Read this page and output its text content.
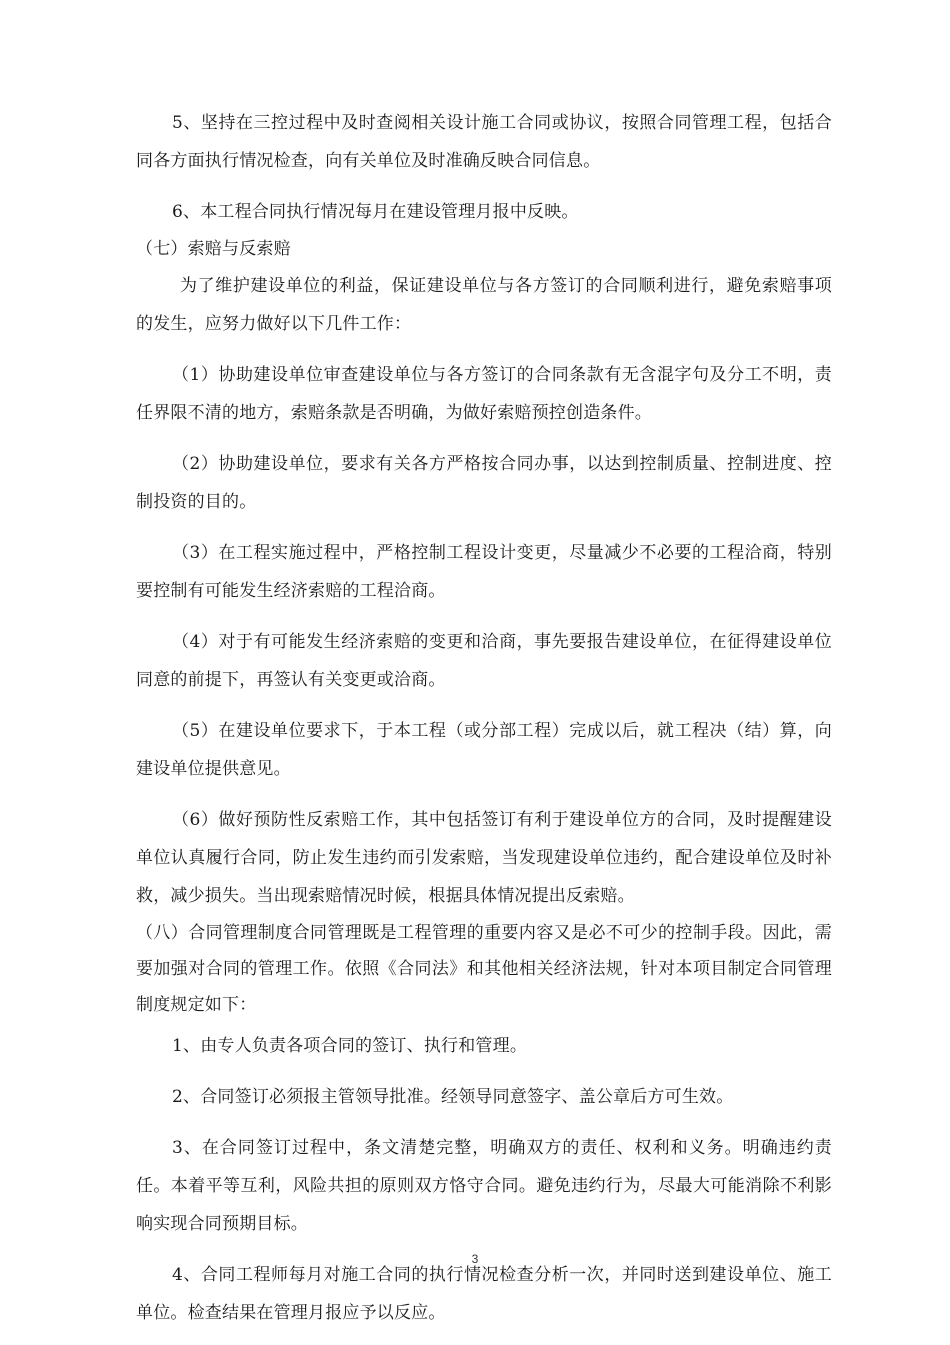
5、坚持在三控过程中及时查阅相关设计施工合同或协议，按照合同管理工程，包括合同各方面执行情况检查，向有关单位及时准确反映合同信息。

6、本工程合同执行情况每月在建设管理月报中反映。

（七）索赔与反索赔

为了维护建设单位的利益，保证建设单位与各方签订的合同顺利进行，避免索赔事项的发生，应努力做好以下几件工作：

（1）协助建设单位审查建设单位与各方签订的合同条款有无含混字句及分工不明，责任界限不清的地方，索赔条款是否明确，为做好索赔预控创造条件。

（2）协助建设单位，要求有关各方严格按合同办事，以达到控制质量、控制进度、控制投资的目的。

（3）在工程实施过程中，严格控制工程设计变更，尽量减少不必要的工程洽商，特别要控制有可能发生经济索赔的工程洽商。

（4）对于有可能发生经济索赔的变更和洽商，事先要报告建设单位，在征得建设单位同意的前提下，再签认有关变更或洽商。

（5）在建设单位要求下，于本工程（或分部工程）完成以后，就工程决（结）算，向建设单位提供意见。

（6）做好预防性反索赔工作，其中包括签订有利于建设单位方的合同，及时提醒建设单位认真履行合同，防止发生违约而引发索赔，当发现建设单位违约，配合建设单位及时补救，减少损失。当出现索赔情况时候，根据具体情况提出反索赔。

（八）合同管理制度合同管理既是工程管理的重要内容又是必不可少的控制手段。因此，需要加强对合同的管理工作。依照《合同法》和其他相关经济法规，针对本项目制定合同管理制度规定如下：

1、由专人负责各项合同的签订、执行和管理。

2、合同签订必须报主管领导批准。经领导同意签字、盖公章后方可生效。

3、在合同签订过程中，条文清楚完整，明确双方的责任、权利和义务。明确违约责任。本着平等互利，风险共担的原则双方恪守合同。避免违约行为，尽最大可能消除不利影响实现合同预期目标。

4、合同工程师每月对施工合同的执行情况检查分析一次，并同时送到建设单位、施工单位。检查结果在管理月报应予以反应。

3
